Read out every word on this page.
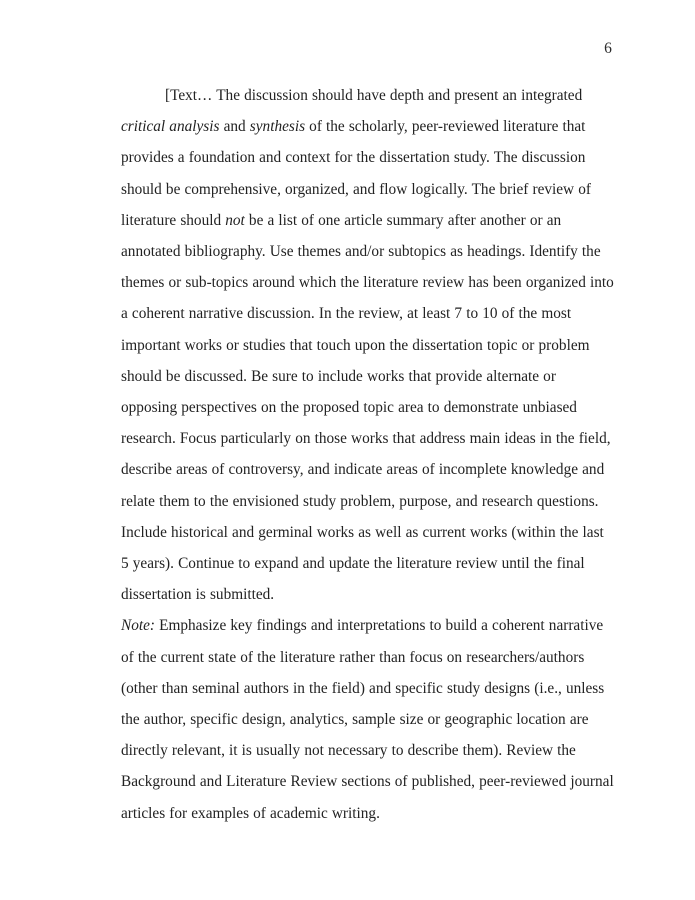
6

[Text… The discussion should have depth and present an integrated critical analysis and synthesis of the scholarly, peer-reviewed literature that provides a foundation and context for the dissertation study. The discussion should be comprehensive, organized, and flow logically. The brief review of literature should not be a list of one article summary after another or an annotated bibliography. Use themes and/or subtopics as headings. Identify the themes or sub-topics around which the literature review has been organized into a coherent narrative discussion. In the review, at least 7 to 10 of the most important works or studies that touch upon the dissertation topic or problem should be discussed. Be sure to include works that provide alternate or opposing perspectives on the proposed topic area to demonstrate unbiased research. Focus particularly on those works that address main ideas in the field, describe areas of controversy, and indicate areas of incomplete knowledge and relate them to the envisioned study problem, purpose, and research questions. Include historical and germinal works as well as current works (within the last 5 years). Continue to expand and update the literature review until the final dissertation is submitted.

Note: Emphasize key findings and interpretations to build a coherent narrative of the current state of the literature rather than focus on researchers/authors (other than seminal authors in the field) and specific study designs (i.e., unless the author, specific design, analytics, sample size or geographic location are directly relevant, it is usually not necessary to describe them). Review the Background and Literature Review sections of published, peer-reviewed journal articles for examples of academic writing.
